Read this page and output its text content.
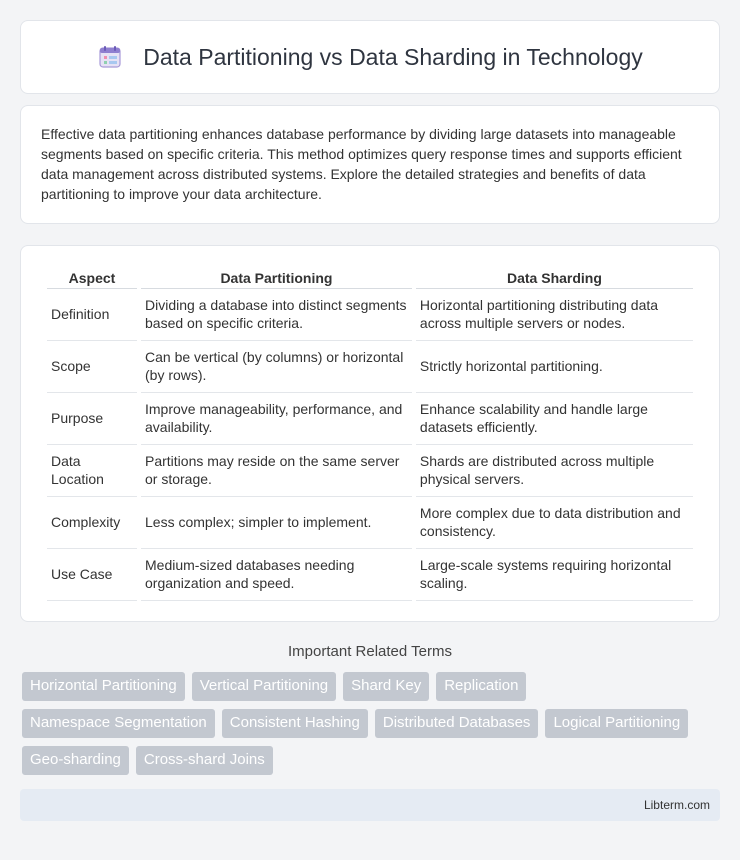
Data Partitioning vs Data Sharding in Technology

Effective data partitioning enhances database performance by dividing large datasets into manageable segments based on specific criteria. This method optimizes query response times and supports efficient data management across distributed systems. Explore the detailed strategies and benefits of data partitioning to improve your data architecture.

Aspect	Data Partitioning	Data Sharding
Definition	Dividing a database into distinct segments based on specific criteria.	Horizontal partitioning distributing data across multiple servers or nodes.
Scope	Can be vertical (by columns) or horizontal (by rows).	Strictly horizontal partitioning.
Purpose	Improve manageability, performance, and availability.	Enhance scalability and handle large datasets efficiently.
Data Location	Partitions may reside on the same server or storage.	Shards are distributed across multiple physical servers.
Complexity	Less complex; simpler to implement.	More complex due to data distribution and consistency.
Use Case	Medium-sized databases needing organization and speed.	Large-scale systems requiring horizontal scaling.
Important Related Terms
Horizontal Partitioning	Vertical Partitioning	Shard Key	Replication
Namespace Segmentation	Consistent Hashing	Distributed Databases	Logical Partitioning
Geo-sharding	Cross-shard Joins
Libterm.com
